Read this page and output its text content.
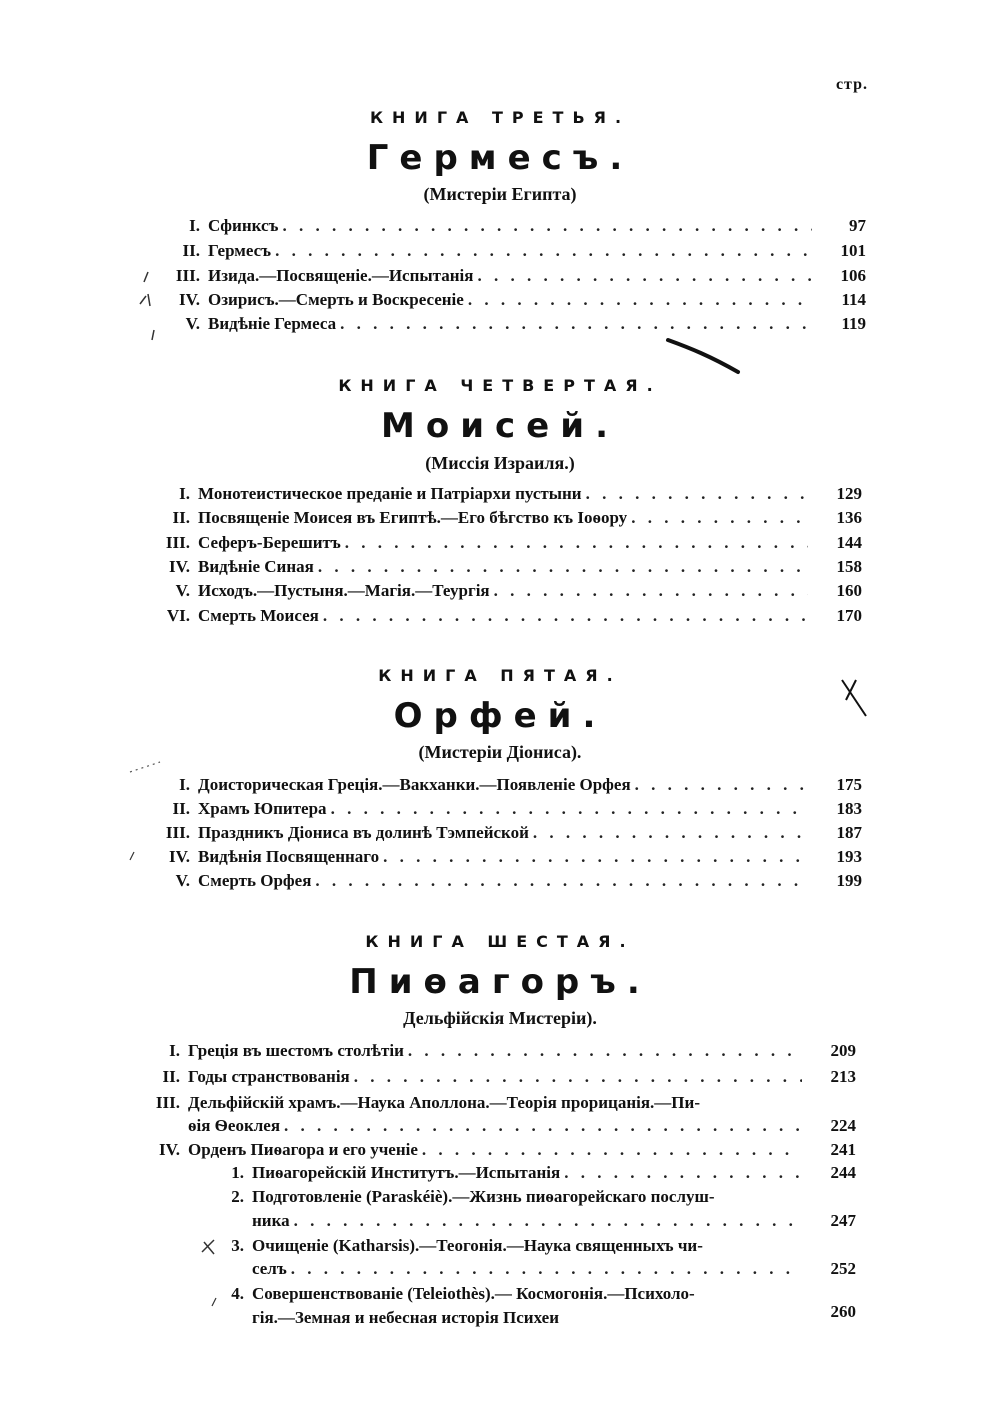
стр.
КНИГА ТРЕТЬЯ.
Гермесъ.
(Мистеріи Египта)
I. Сфинксъ . . .	97
II. Гермесъ . . .	101
III. Изида.—Посвященіе.—Испытанія . . .	106
IV. Озирисъ.—Смерть и Воскресеніе . . .	114
V. Видѣніе Гермеса . . .	119
КНИГА ЧЕТВЕРТАЯ.
Моисей.
(Миссія Израиля.)
I. Монотеистическое преданіе и Патріархи пустыни . . .	129
II. Посвященіе Моисея въ Египтѣ.—Его бѣгство къ Іоѳору . . .	136
III. Сеферъ-Берешитъ . . .	144
IV. Видѣніе Синая . . .	158
V. Исходъ.—Пустыня.—Магія.—Теургія . . .	160
VI. Смерть Моисея . . .	170
КНИГА ПЯТАЯ.
Орфей.
(Мистеріи Діониса).
I. Доисторическая Греція.—Вакханки.—Появленіе Орфея . . .	175
II. Храмъ Юпитера . . .	183
III. Праздникъ Діониса въ долинѣ Тэмпейской . . .	187
IV. Видѣнія Посвященнаго . . .	193
V. Смерть Орфея . . .	199
КНИГА ШЕСТАЯ.
Пиѳагоръ.
Дельфійскія Мистеріи).
I. Греція въ шестомъ столѣтіи . . .	209
II. Годы странствованія . . .	213
III. Дельфійскій храмъ.—Наука Аполлона.—Теорія прорицанія.—Пи-
ѳія Ѳеоклея . . .	224
IV. Орденъ Пиѳагора и его ученіе . . .	241
1. Пиѳагорейскій Институтъ.—Испытанія . . .	244
2. Подготовленіе (Paraskéiè).—Жизнь пиѳагорейскаго послуш-
ника . . .	247
3. Очищеніе (Katharsis).—Теогонія.—Наука священныхъ чи-
селъ . . .	252
4. Совершенствованіе (Teleiothès).— Космогонія.—Психоло-
гія.—Земная и небесная исторія Психеи	260
